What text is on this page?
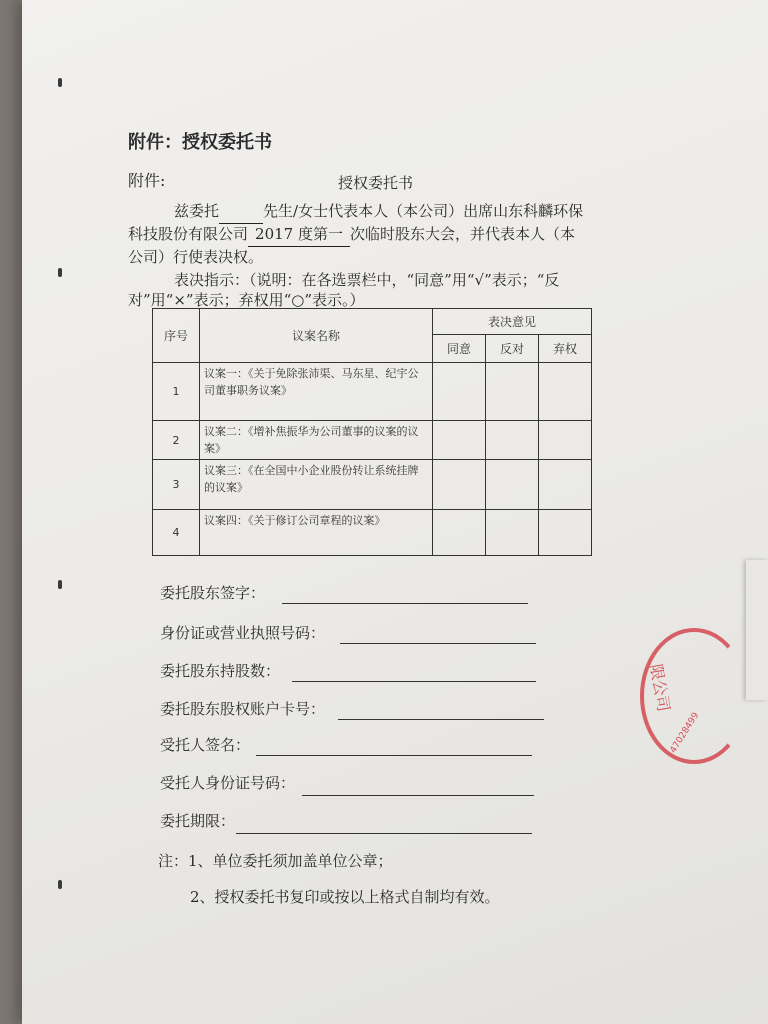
附件：授权委托书
附件:	授权委托书
兹委托	先生/女士代表本人（本公司）出席山东科麟环保
科技股份有限公司 2017 度第一 次临时股东大会，并代表本人（本
公司）行使表决权。
表决指示：（说明：在各选票栏中，“同意”用“√”表示；“反
对”用“×”表示；弃权用“○”表示。）
序号	议案名称	表决意见		
		同意	反对	弃权
1	议案一：《关于免除张沛渠、马东星、纪宇公司董事职务议案》			
2	议案二：《增补焦振华为公司董事的议案的议案》			
3	议案三：《在全国中小企业股份转让系统挂牌的议案》			
4	议案四：《关于修订公司章程的议案》			
委托股东签字：
身份证或营业执照号码：
委托股东持股数：
委托股东股权账户卡号：
受托人签名：
受托人身份证号码：
委托期限：
注：1、单位委托须加盖单位公章；
2、授权委托书复印或按以上格式自制均有效。
限公司
47028499
